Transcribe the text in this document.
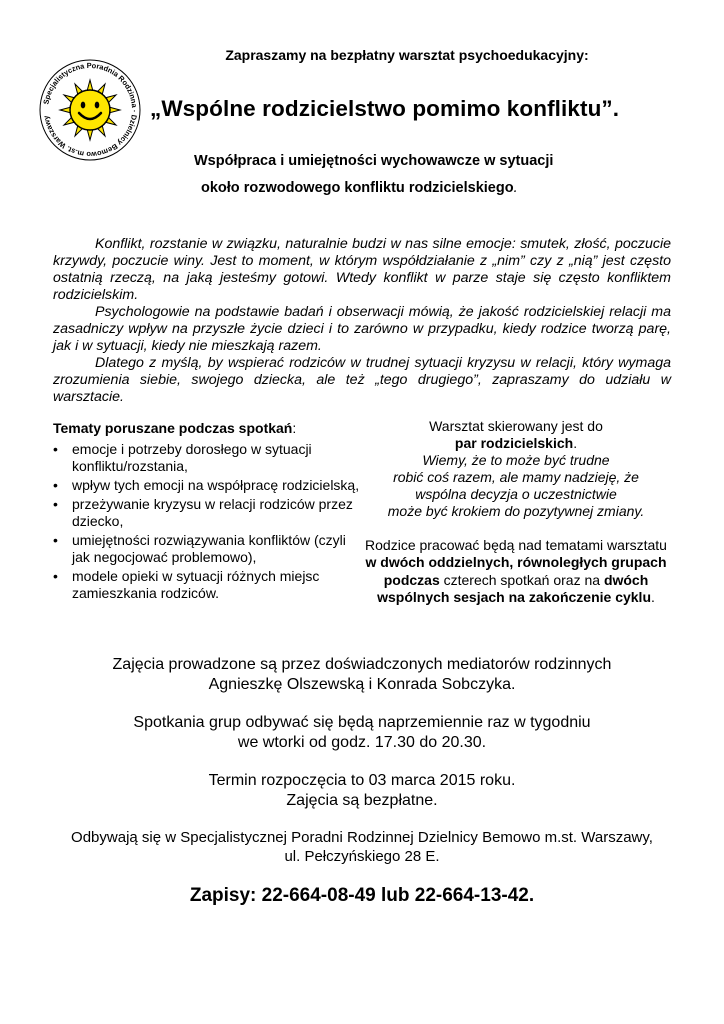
Specjalistyczna Poradnia Rodzinna · Dzielnicy Bemowo m.st. Warszawy
Zapraszamy na bezpłatny warsztat psychoedukacyjny:
„Wspólne rodzicielstwo pomimo konfliktu”.
Współpraca i umiejętności wychowawcze w sytuacji
około rozwodowego konfliktu rodzicielskiego.

Konflikt, rozstanie w związku, naturalnie budzi w nas silne emocje: smutek, złość, poczucie krzywdy, poczucie winy. Jest to moment, w którym współdziałanie z „nim” czy z „nią” jest często ostatnią rzeczą, na jaką jesteśmy gotowi. Wtedy konflikt w parze staje się często konfliktem rodzicielskim.

Psychologowie na podstawie badań i obserwacji mówią, że jakość rodzicielskiej relacji ma zasadniczy wpływ na przyszłe życie dzieci i to zarówno w przypadku, kiedy rodzice tworzą parę, jak i w sytuacji, kiedy nie mieszkają razem.

Dlatego z myślą, by wspierać rodziców w trudnej sytuacji kryzysu w relacji, który wymaga zrozumienia siebie, swojego dziecka, ale też „tego drugiego”, zapraszamy do udziału w warsztacie.

Tematy poruszane podczas spotkań:
• emocje i potrzeby dorosłego w sytuacji konfliktu/rozstania,
• wpływ tych emocji na współpracę rodzicielską,
• przeżywanie kryzysu w relacji rodziców przez dziecko,
• umiejętności rozwiązywania konfliktów (czyli jak negocjować problemowo),
• modele opieki w sytuacji różnych miejsc zamieszkania rodziców.
Warsztat skierowany jest do
par rodzicielskich.
Wiemy, że to może być trudne
robić coś razem, ale mamy nadzieję, że
wspólna decyzja o uczestnictwie
może być krokiem do pozytywnej zmiany.
Rodzice pracować będą nad tematami warsztatu w dwóch oddzielnych, równoległych grupach podczas czterech spotkań oraz na dwóch wspólnych sesjach na zakończenie cyklu.
Zajęcia prowadzone są przez doświadczonych mediatorów rodzinnych
Agnieszkę Olszewską i Konrada Sobczyka.
Spotkania grup odbywać się będą naprzemiennie raz w tygodniu
we wtorki od godz. 17.30 do 20.30.
Termin rozpoczęcia to 03 marca 2015 roku.
Zajęcia są bezpłatne.
Odbywają się w Specjalistycznej Poradni Rodzinnej Dzielnicy Bemowo m.st. Warszawy,
ul. Pełczyńskiego 28 E.
Zapisy: 22-664-08-49 lub 22-664-13-42.
